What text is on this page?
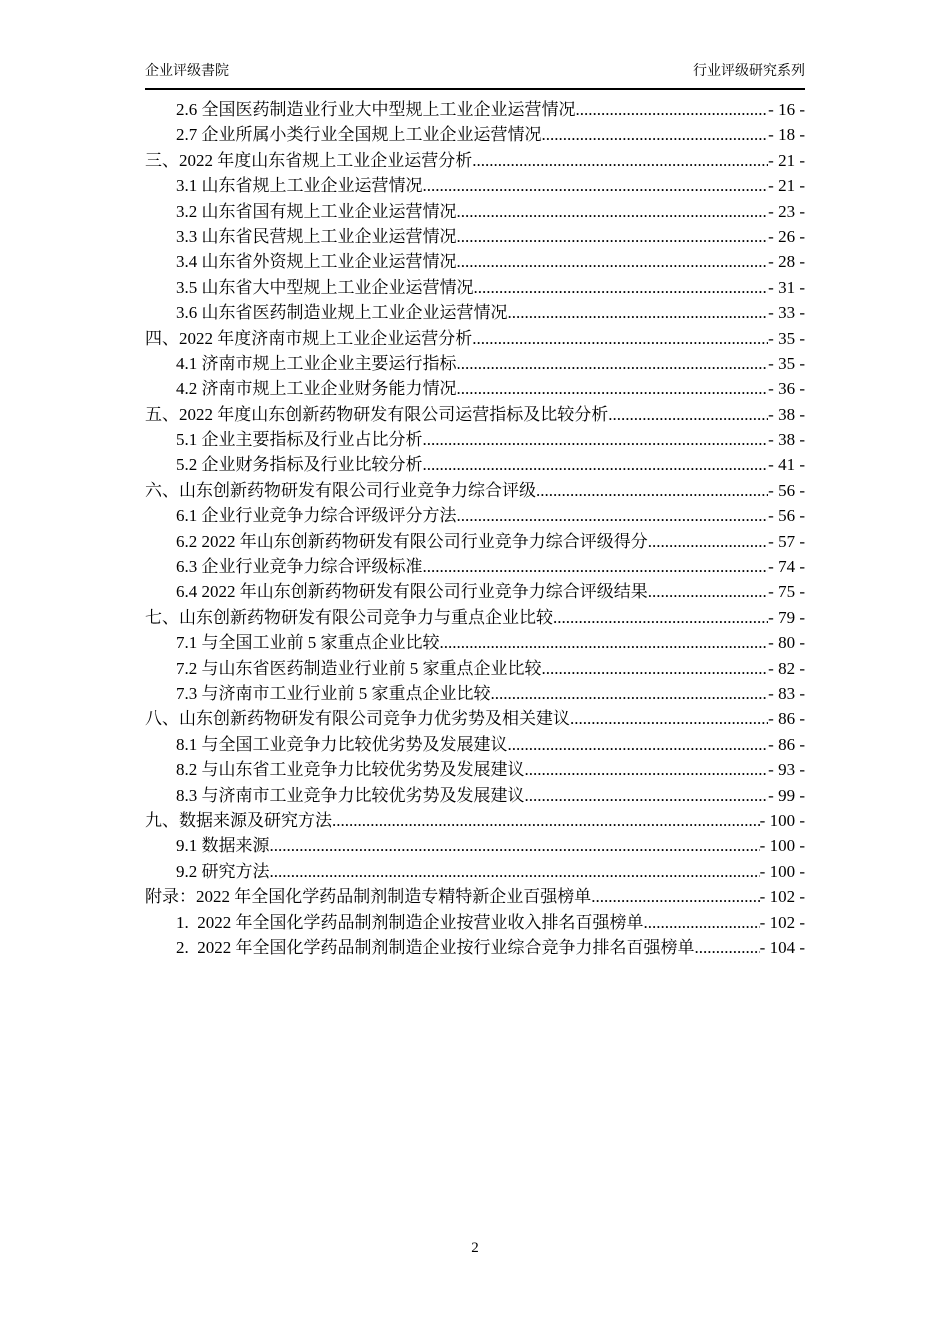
企业评级書院	行业评级研究系列
2.6 全国医药制造业行业大中型规上工业企业运营情况 .....	- 16 -
2.7 企业所属小类行业全国规上工业企业运营情况 .....	- 18 -
三、2022 年度山东省规上工业企业运营分析 .....	- 21 -
3.1 山东省规上工业企业运营情况 .....	- 21 -
3.2 山东省国有规上工业企业运营情况 .....	- 23 -
3.3 山东省民营规上工业企业运营情况 .....	- 26 -
3.4 山东省外资规上工业企业运营情况 .....	- 28 -
3.5 山东省大中型规上工业企业运营情况 .....	- 31 -
3.6 山东省医药制造业规上工业企业运营情况 .....	- 33 -
四、2022 年度济南市规上工业企业运营分析 .....	- 35 -
4.1 济南市规上工业企业主要运行指标 .....	- 35 -
4.2 济南市规上工业企业财务能力情况 .....	- 36 -
五、2022 年度山东创新药物研发有限公司运营指标及比较分析 .....	- 38 -
5.1 企业主要指标及行业占比分析 .....	- 38 -
5.2 企业财务指标及行业比较分析 .....	- 41 -
六、山东创新药物研发有限公司行业竞争力综合评级 .....	- 56 -
6.1 企业行业竞争力综合评级评分方法 .....	- 56 -
6.2 2022 年山东创新药物研发有限公司行业竞争力综合评级得分 .....	- 57 -
6.3 企业行业竞争力综合评级标准 .....	- 74 -
6.4 2022 年山东创新药物研发有限公司行业竞争力综合评级结果 .....	- 75 -
七、山东创新药物研发有限公司竞争力与重点企业比较 .....	- 79 -
7.1 与全国工业前 5 家重点企业比较 .....	- 80 -
7.2 与山东省医药制造业行业前 5 家重点企业比较 .....	- 82 -
7.3 与济南市工业行业前 5 家重点企业比较 .....	- 83 -
八、山东创新药物研发有限公司竞争力优劣势及相关建议 .....	- 86 -
8.1 与全国工业竞争力比较优劣势及发展建议 .....	- 86 -
8.2 与山东省工业竞争力比较优劣势及发展建议 .....	- 93 -
8.3 与济南市工业竞争力比较优劣势及发展建议 .....	- 99 -
九、数据来源及研究方法 .....	- 100 -
9.1 数据来源 .....	- 100 -
9.2 研究方法 .....	- 100 -
附录：2022 年全国化学药品制剂制造专精特新企业百强榜单 .....	- 102 -
1.  2022 年全国化学药品制剂制造企业按营业收入排名百强榜单 .....	- 102 -
2.  2022 年全国化学药品制剂制造企业按行业综合竞争力排名百强榜单 .....	- 104 -
2
